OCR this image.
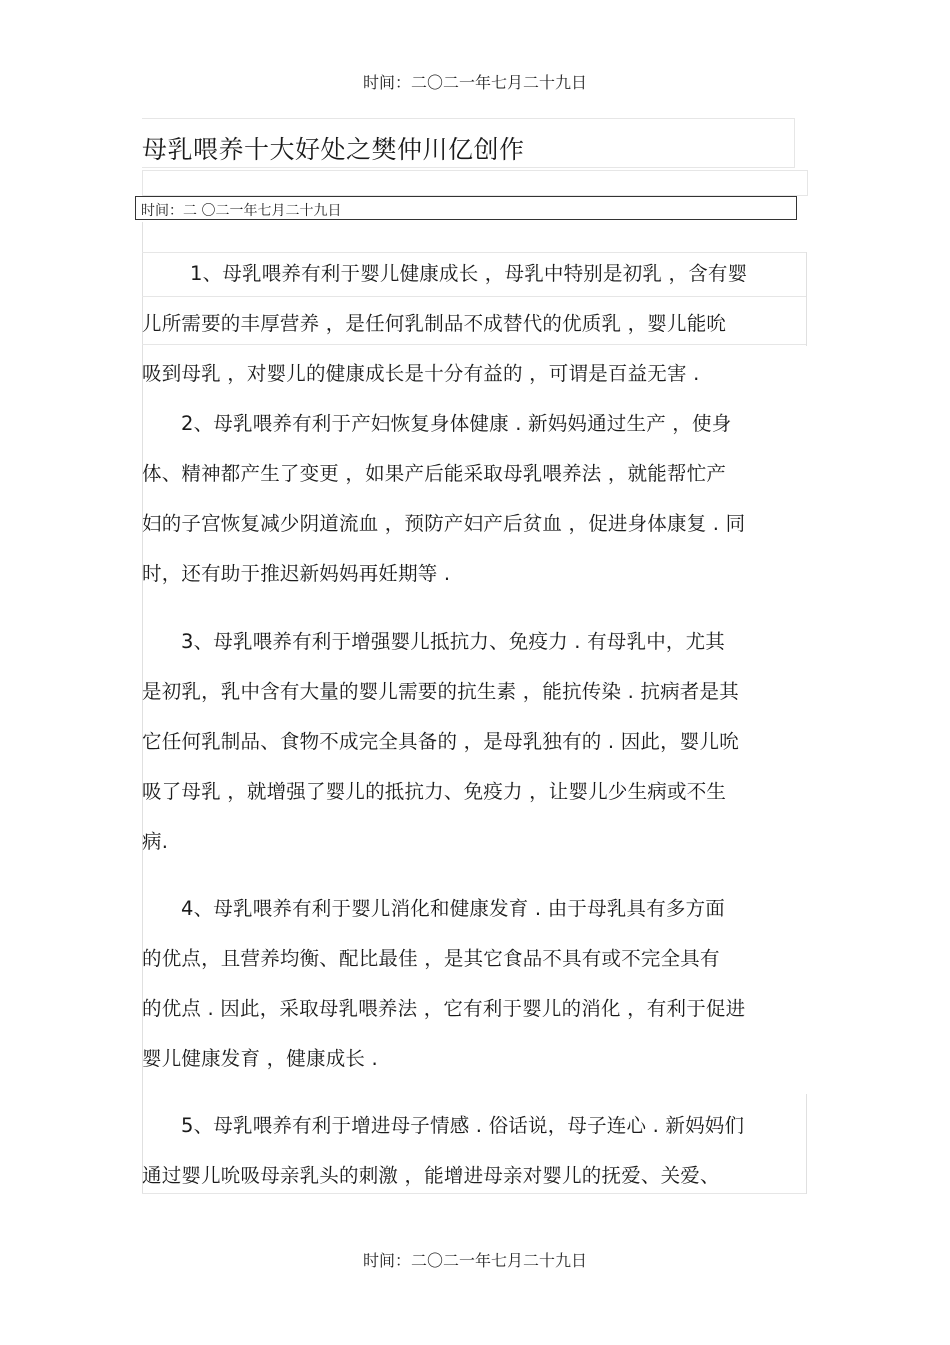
时间：二〇二一年七月二十九日
母乳喂养十大好处之樊仲川亿创作
时间：二 〇二一年七月二十九日
1、母乳喂养有利于婴儿健康成长 ，母乳中特别是初乳 ，含有婴
儿所需要的丰厚营养 ，是任何乳制品不成替代的优质乳 ，婴儿能吮
吸到母乳 ，对婴儿的健康成长是十分有益的 ，可谓是百益无害 .
2、母乳喂养有利于产妇恢复身体健康 . 新妈妈通过生产 ，使身
体、精神都产生了变更 ，如果产后能采取母乳喂养法 ，就能帮忙产
妇的子宫恢复减少阴道流血 ，预防产妇产后贫血 ，促进身体康复 . 同
时，还有助于推迟新妈妈再妊期等 .
3、母乳喂养有利于增强婴儿抵抗力、免疫力 . 有母乳中，尤其
是初乳，乳中含有大量的婴儿需要的抗生素 ，能抗传染 . 抗病者是其
它任何乳制品、食物不成完全具备的 ，是母乳独有的 . 因此，婴儿吮
吸了母乳 ，就增强了婴儿的抵抗力、免疫力 ，让婴儿少生病或不生
病.
4、母乳喂养有利于婴儿消化和健康发育 . 由于母乳具有多方面
的优点，且营养均衡、配比最佳 ，是其它食品不具有或不完全具有
的优点 . 因此，采取母乳喂养法 ，它有利于婴儿的消化 ，有利于促进
婴儿健康发育 ，健康成长 .
5、母乳喂养有利于增进母子情感 . 俗话说，母子连心 . 新妈妈们
通过婴儿吮吸母亲乳头的刺激 ，能增进母亲对婴儿的抚爱、关爱、
时间：二〇二一年七月二十九日
